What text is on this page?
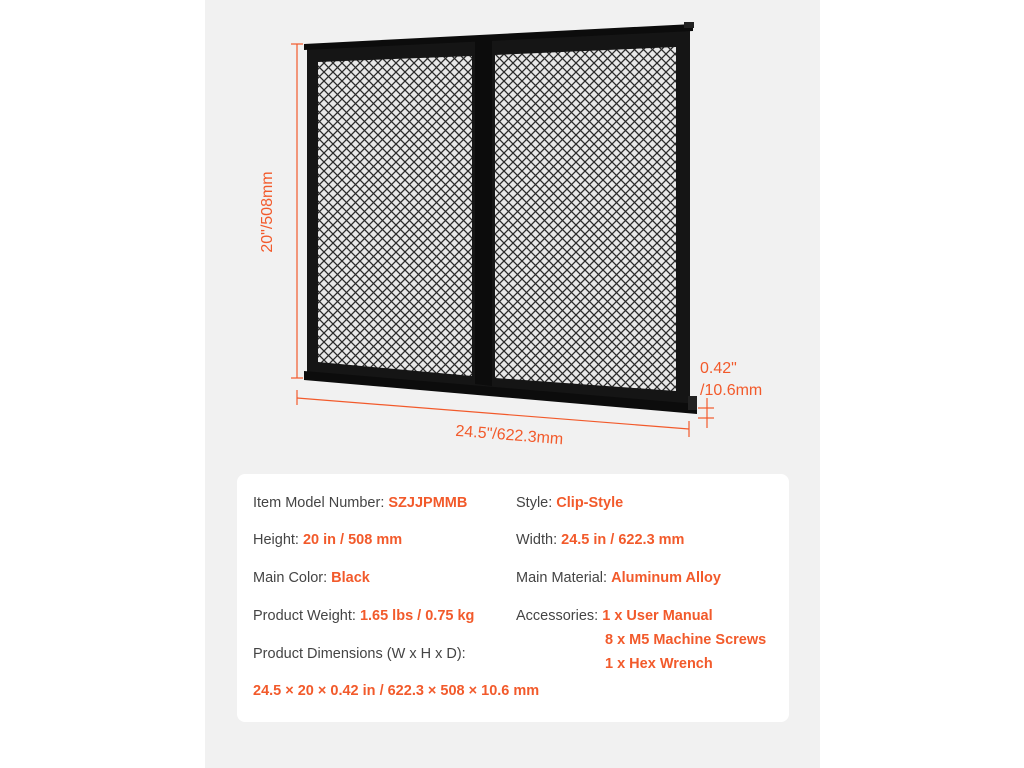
20"/508mm
24.5"/622.3mm
0.42"
/10.6mm
Item Model Number: SZJJPMMB	Style: Clip-Style
Height: 20 in / 508 mm	Width: 24.5 in / 622.3 mm
Main Color: Black	Main Material: Aluminum Alloy
Product Weight: 1.65 lbs / 0.75 kg	Accessories: 1 x User Manual
8 x M5 Machine Screws
1 x Hex Wrench
Product Dimensions (W x H x D):
24.5 × 20 × 0.42 in / 622.3 × 508 × 10.6 mm
